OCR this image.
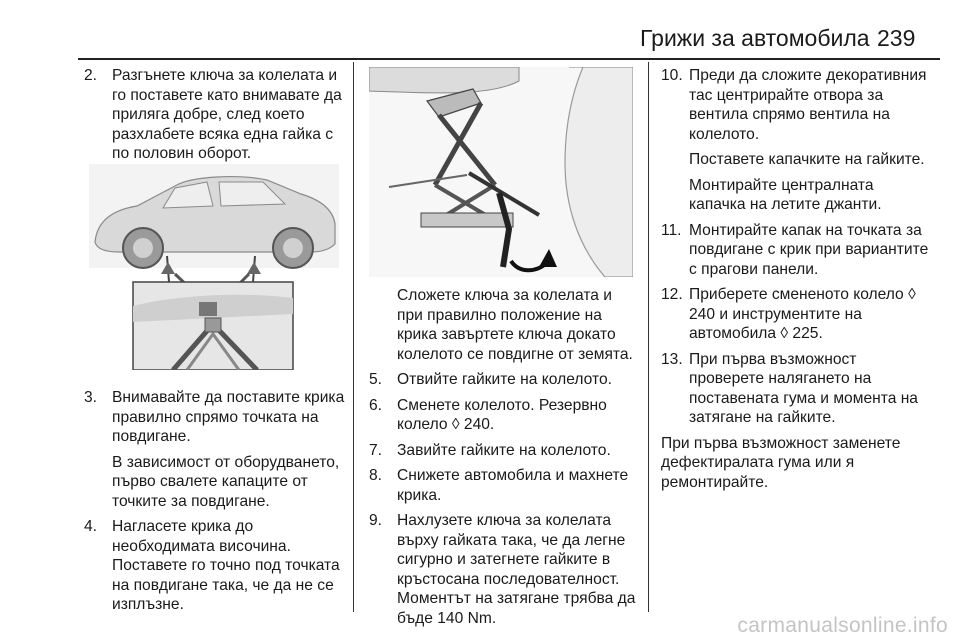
Грижи за автомобила 239
2. Разгънете ключа за колелата и го поставете като внимавате да приляга добре, след което разхлабете всяка една гайка с по половин оборот.

3. Внимавайте да поставите крика правилно спрямо точката на повдигане.

В зависимост от оборудването, първо свалете капаците от точките за повдигане.

4. Нагласете крика до необходимата височина. Поставете го точно под точката на повдигане така, че да не се изплъзне.

Сложете ключа за колелата и при правилно положение на крика завъртете ключа докато колелото се повдигне от земята.

5. Отвийте гайките на колелото.

6. Сменете колелото. Резервно колело ◊ 240.

7. Завийте гайките на колелото.

8. Снижете автомобила и махнете крика.

9. Нахлузете ключа за колелата върху гайката така, че да легне сигурно и затегнете гайките в кръстосана последователност. Моментът на затягане трябва да бъде 140 Nm.

10. Преди да сложите декоративния тас центрирайте отвора за вентила спрямо вентила на колелото.

Поставете капачките на гайките.

Монтирайте централната капачка на летите джанти.

11. Монтирайте капак на точката за повдигане с крик при вариантите с прагови панели.

12. Приберете смененото колело ◊ 240 и инструментите на автомобила ◊ 225.

13. При първа възможност проверете налягането на поставената гума и момента на затягане на гайките.

При първа възможност заменете дефектиралата гума или я ремонтирайте.

carmanualsonline.info
